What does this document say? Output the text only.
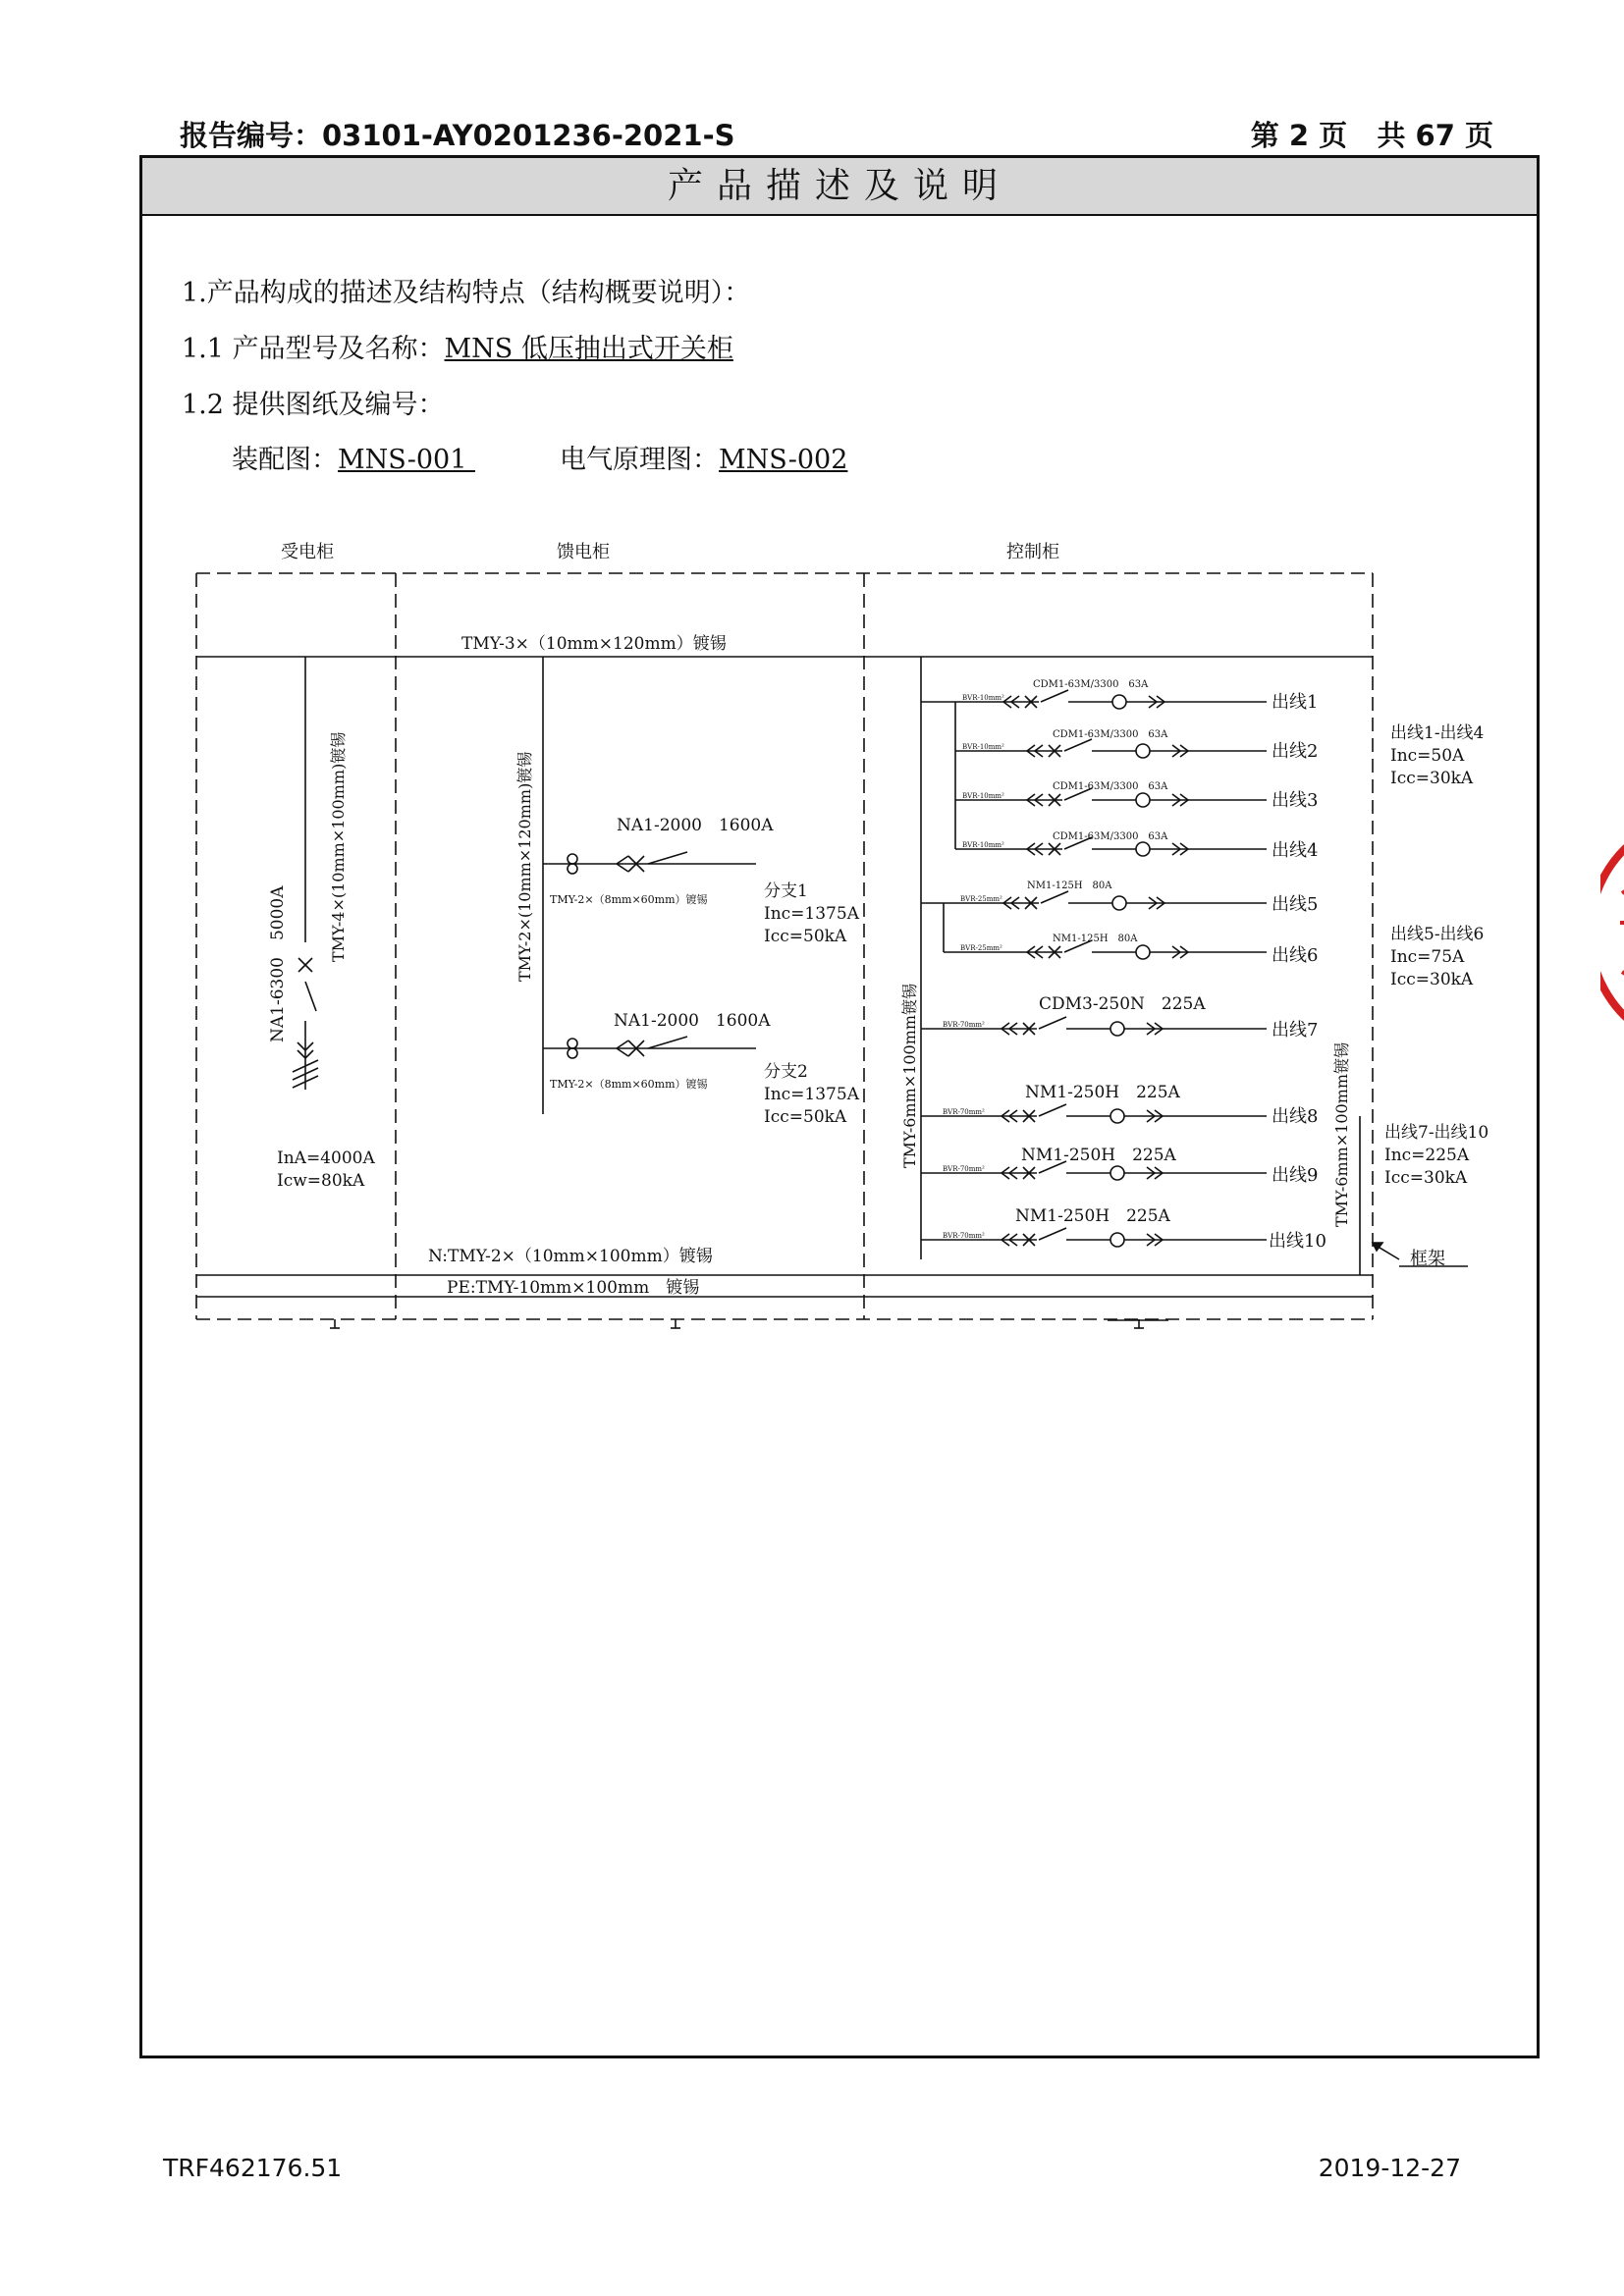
报告编号：03101-AY0201236-2021-S	第 2 页   共 67 页
产品描述及说明
1.产品构成的描述及结构特点（结构概要说明）：
1.1 产品型号及名称：MNS 低压抽出式开关柜
1.2 提供图纸及编号：
装配图：MNS-001	电气原理图：MNS-002
受电柜	馈电柜	控制柜
TMY-3×（10mm×120mm）镀锡
N:TMY-2×（10mm×100mm）镀锡
PE:TMY-10mm×100mm　镀锡
TMY-4×(10mm×100mm)镀锡
NA1-6300　5000A
InA=4000A
Icw=80kA
TMY-2×(10mm×120mm)镀锡	NA1-2000　1600A
TMY-2×（8mm×60mm）镀锡	分支1
Inc=1375A
Icc=50kA
NA1-2000　1600A
TMY-2×（8mm×60mm）镀锡
分支2
Inc=1375A
Icc=50kA	TMY-6mm×100mm镀锡	TMY-6mm×100mm镀锡
框架
BVR-10mm²
CDM1-63M/3300　63A
出线1
BVR-10mm²
CDM1-63M/3300　63A
出线2
BVR-10mm²
CDM1-63M/3300　63A
出线3
BVR-10mm²
CDM1-63M/3300　63A
出线4
BVR-25mm²
NM1-125H　80A
出线5
BVR-25mm²
NM1-125H　80A
出线6
BVR-70mm²
CDM3-250N　225A
出线7
BVR-70mm²
NM1-250H　225A
出线8
BVR-70mm²
NM1-250H　225A
出线9
BVR-70mm²
NM1-250H　225A
出线10
出线1-出线4
Inc=50A
Icc=30kA
出线5-出线6
Inc=75A
Icc=30kA
出线7-出线10
Inc=225A
Icc=30kA
TRF462176.51	2019-12-27
